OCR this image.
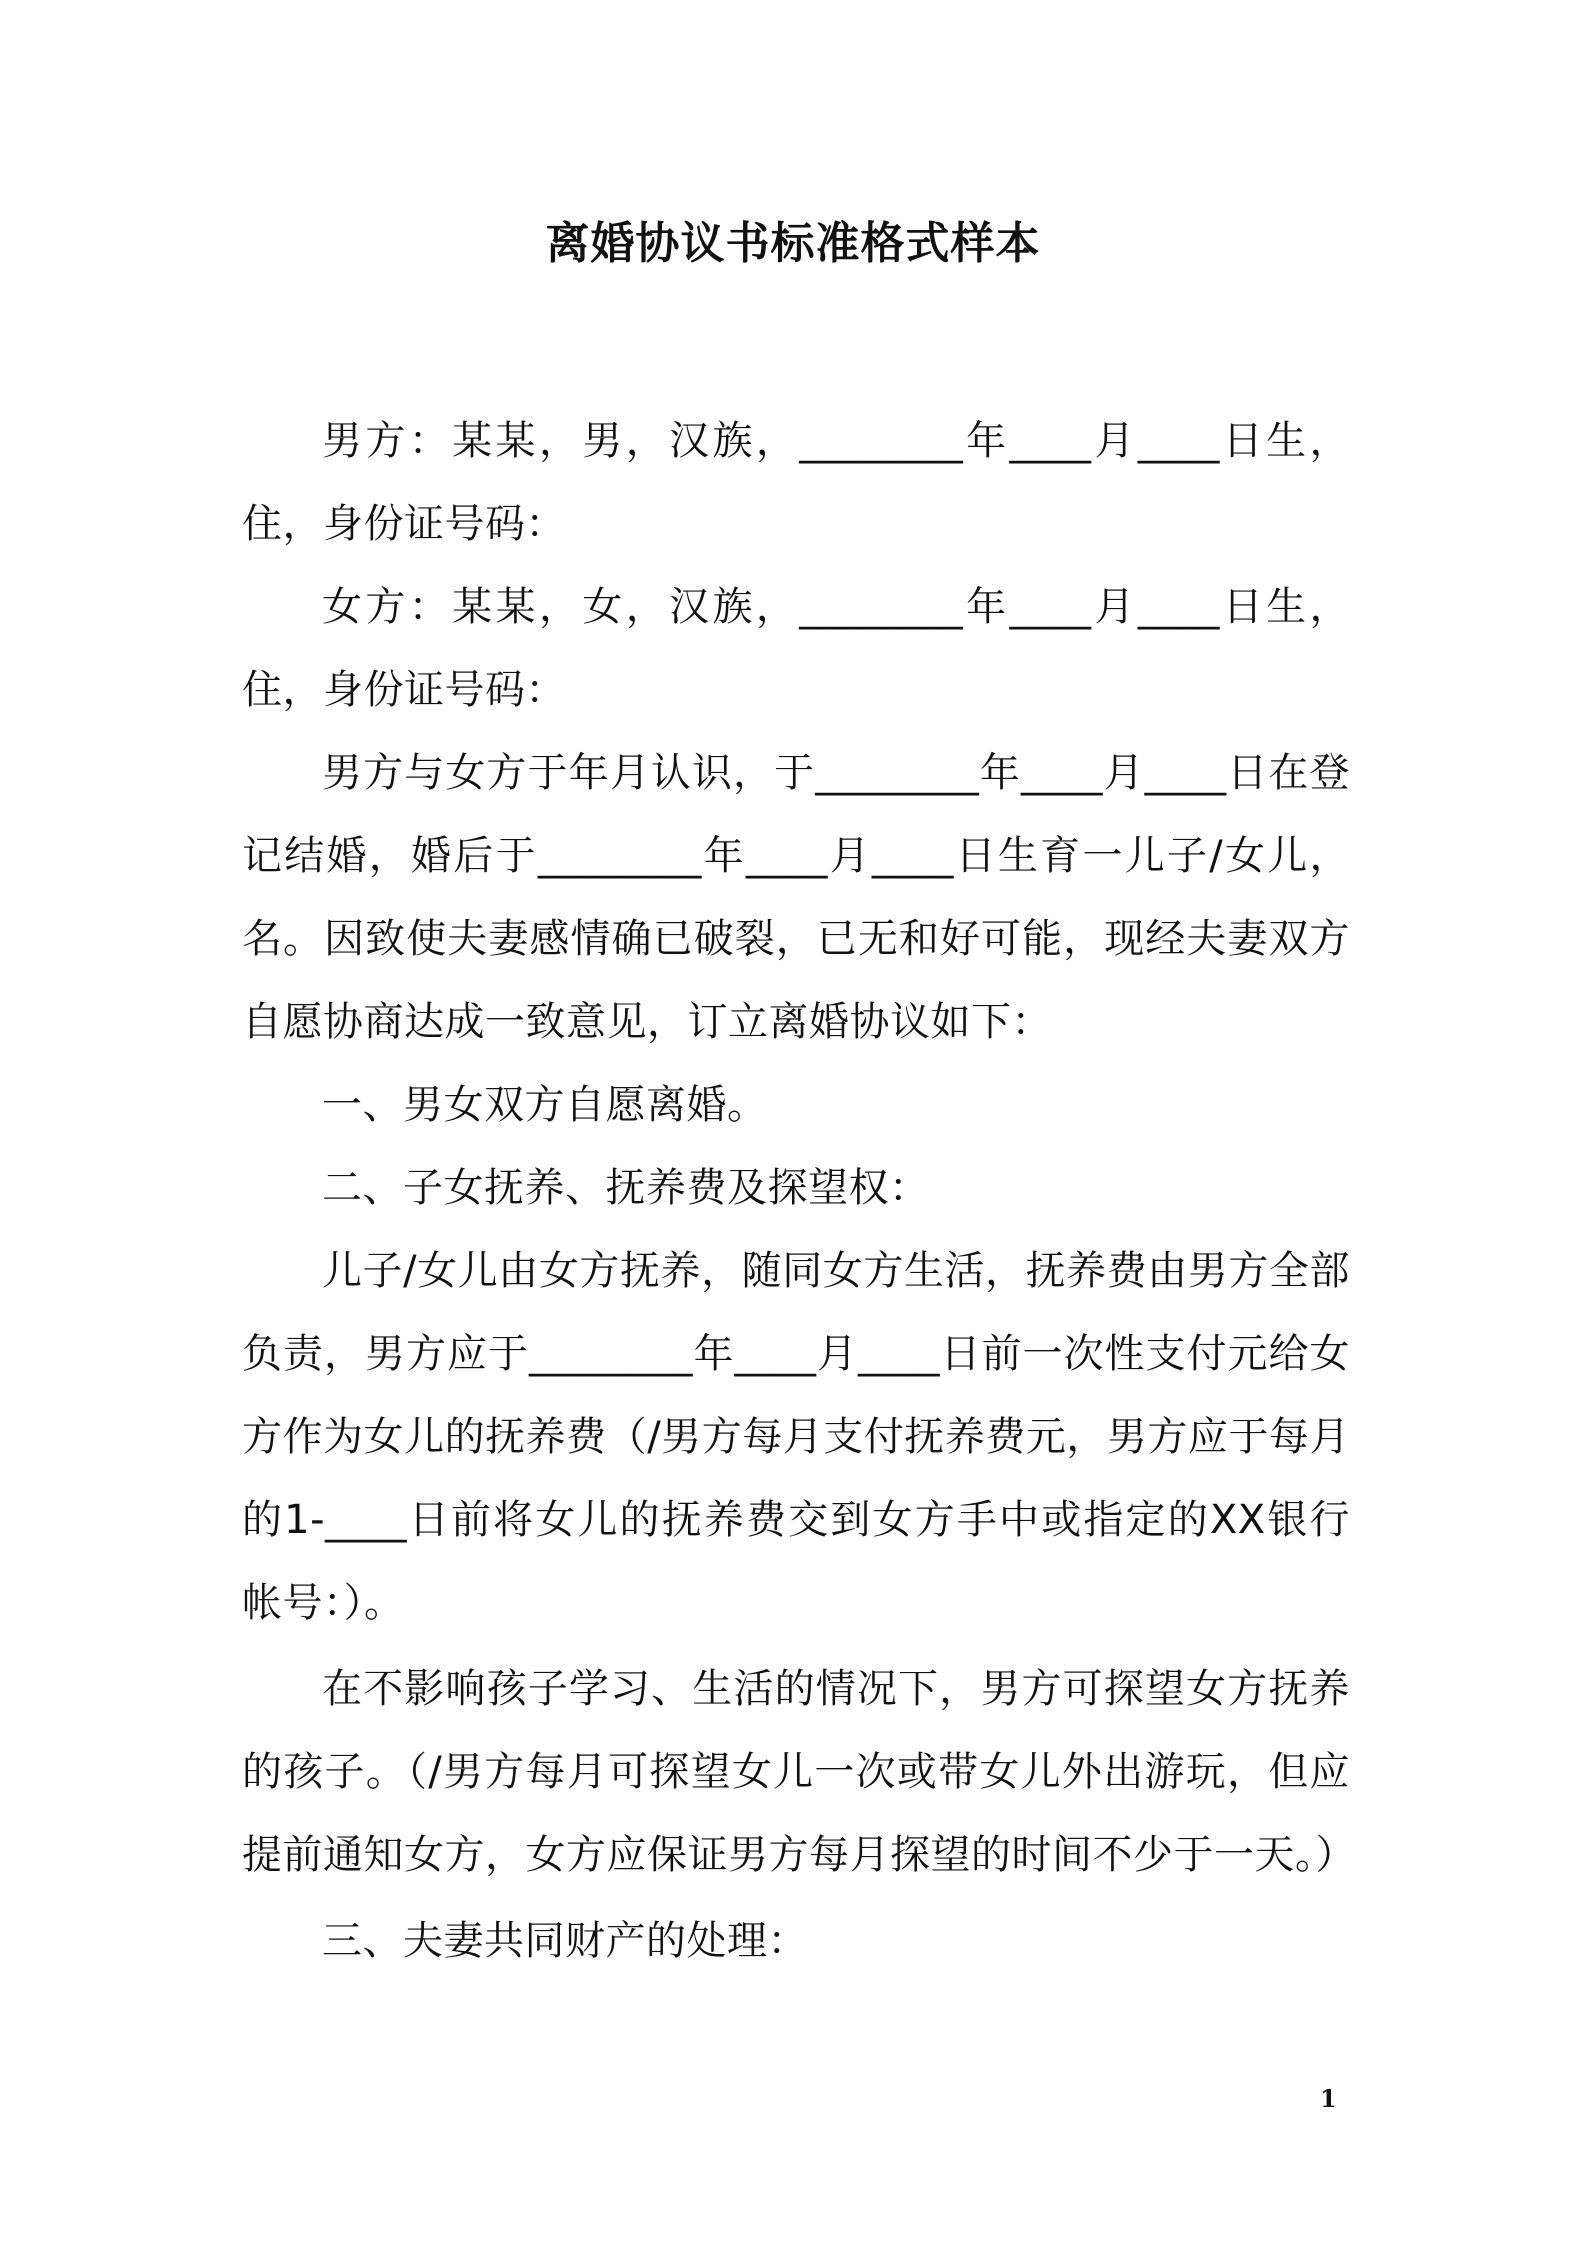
离婚协议书标准格式样本

男方：某某，男，汉族，________年____月____日生，住，身份证号码：

女方：某某，女，汉族，________年____月____日生，住，身份证号码：

男方与女方于年月认识，于________年____月____日在登记结婚，婚后于________年____月____日生育一儿子/女儿，名。因致使夫妻感情确已破裂，已无和好可能，现经夫妻双方自愿协商达成一致意见，订立离婚协议如下：

一、男女双方自愿离婚。

二、子女抚养、抚养费及探望权：

儿子/女儿由女方抚养，随同女方生活，抚养费由男方全部负责，男方应于________年____月____日前一次性支付元给女方作为女儿的抚养费（/男方每月支付抚养费元，男方应于每月的1-____日前将女儿的抚养费交到女方手中或指定的XX银行帐号：）。

在不影响孩子学习、生活的情况下，男方可探望女方抚养的孩子。（/男方每月可探望女儿一次或带女儿外出游玩，但应提前通知女方，女方应保证男方每月探望的时间不少于一天。）

三、夫妻共同财产的处理：

1
